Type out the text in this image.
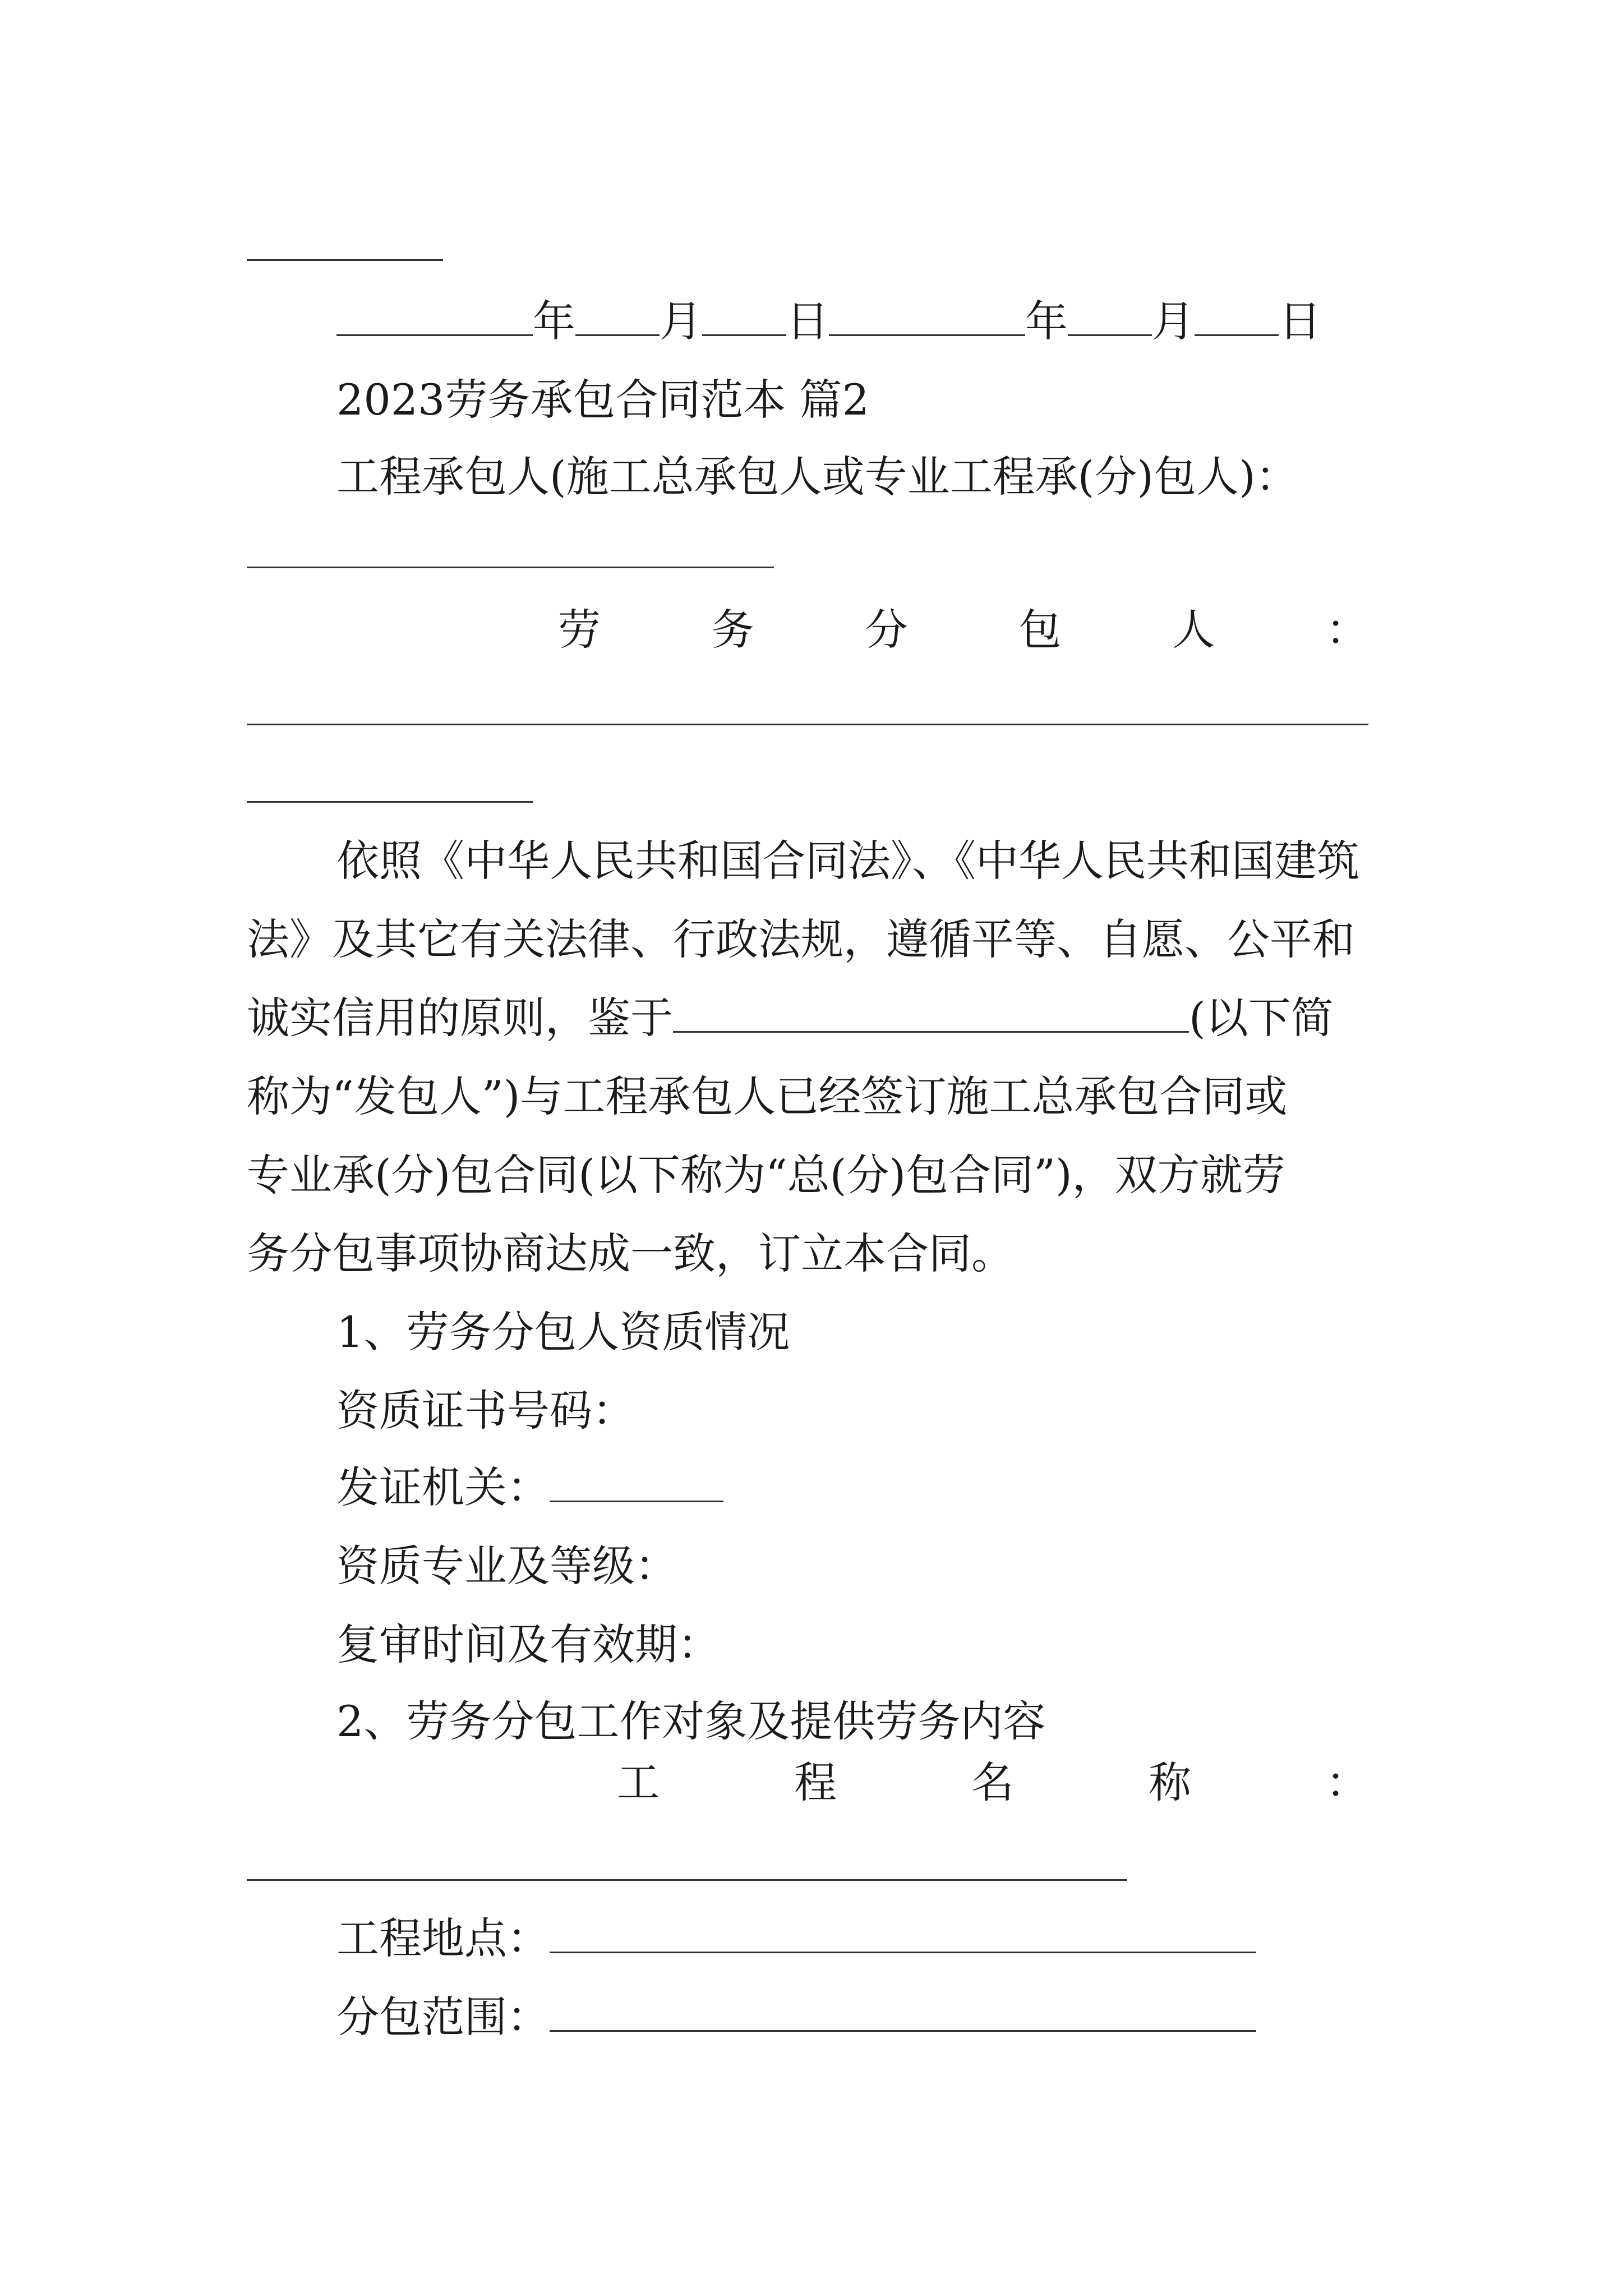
年 月 日	年 月 日
2023劳务承包合同范本 篇2
工程承包人(施工总承包人或专业工程承(分)包人)：
劳	务	分	包	人	：
依照《中华人民共和国合同法》、《中华人民共和国建筑
法》及其它有关法律、行政法规，遵循平等、自愿、公平和
诚实信用的原则，鉴于	(以下简
称为“发包人”)与工程承包人已经签订施工总承包合同或
专业承(分)包合同(以下称为“总(分)包合同”)，双方就劳
务分包事项协商达成一致，订立本合同。
1、劳务分包人资质情况
资质证书号码：
发证机关：
资质专业及等级：
复审时间及有效期：
2、劳务分包工作对象及提供劳务内容
工	程	名	称	：
工程地点：
分包范围：
